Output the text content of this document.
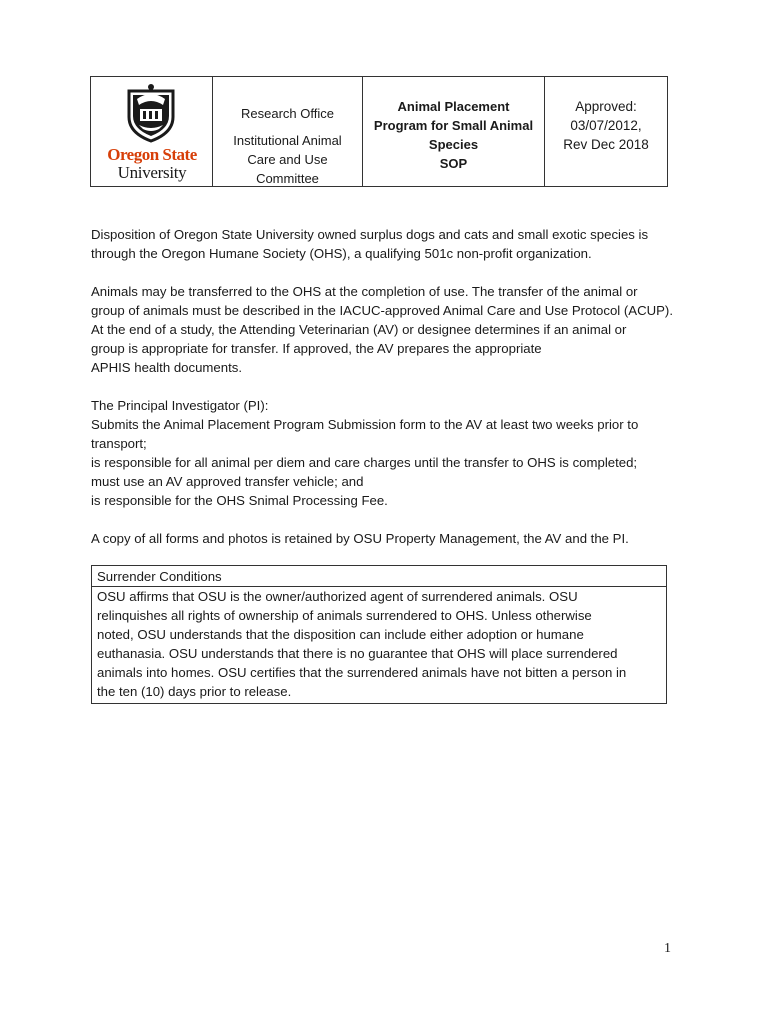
Oregon State
University
Research Office
Institutional Animal
Care and Use
Committee
Animal Placement
Program for Small Animal
Species
SOP
Approved:
03/07/2012,
Rev Dec 2018

Disposition of Oregon State University owned surplus dogs and cats and small exotic species is
through the Oregon Humane Society (OHS), a qualifying 501c non-profit organization.

Animals may be transferred to the OHS at the completion of use. The transfer of the animal or
group of animals must be described in the IACUC-approved Animal Care and Use Protocol (ACUP).
At the end of a study, the Attending Veterinarian (AV) or designee determines if an animal or
group is appropriate for transfer. If approved, the AV prepares the appropriate
APHIS health documents.

The Principal Investigator (PI):
Submits the Animal Placement Program Submission form to the AV at least two weeks prior to
transport;
is responsible for all animal per diem and care charges until the transfer to OHS is completed;
must use an AV approved transfer vehicle; and
is responsible for the OHS Snimal Processing Fee.

A copy of all forms and photos is retained by OSU Property Management, the AV and the PI.

Surrender Conditions
OSU affirms that OSU is the owner/authorized agent of surrendered animals. OSU
relinquishes all rights of ownership of animals surrendered to OHS. Unless otherwise
noted, OSU understands that the disposition can include either adoption or humane
euthanasia. OSU understands that there is no guarantee that OHS will place surrendered
animals into homes. OSU certifies that the surrendered animals have not bitten a person in
the ten (10) days prior to release.
1
